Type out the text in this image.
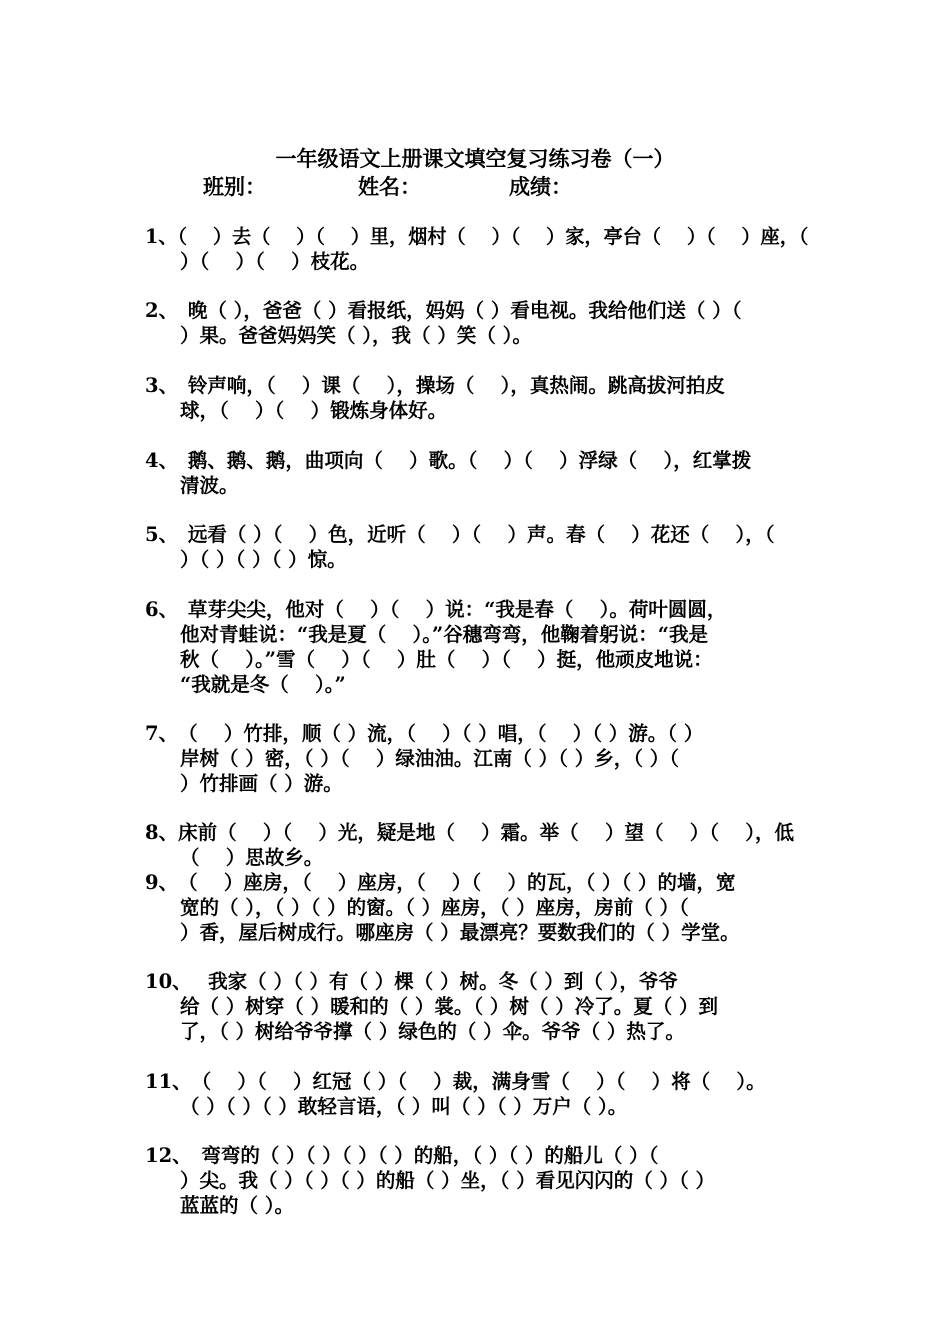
一年级语文上册课文填空复习练习卷（一）
班别：	姓名：	成绩：
1、（　 ）去（　 ）（　 ）里，烟村（　 ）（　 ）家，亭台（　 ）（　 ）座，（
）（　 ）（　 ）枝花。
2、　晚（ ），爸爸（ ）看报纸，妈妈（ ）看电视。我给他们送（ ）（
）果。爸爸妈妈笑（ ），我（ ）笑（ ）。
3、　铃声响，（　 ）课（　 ），操场（　 ），真热闹。跳高拔河拍皮
球，（　 ）（　 ）锻炼身体好。
4、　鹅、鹅、鹅，曲项向（　 ）歌。（　 ）（　 ）浮绿（　 ），红掌拨
清波。
5、　远看（ ）（　 ）色，近听（　 ）（　 ）声。春（　 ）花还（　 ），（
）（ ）（ ）（ ）惊。
6、　草芽尖尖，他对（　 ）（　 ）说：“我是春（　 ）。荷叶圆圆，
他对青蛙说：“我是夏（　 ）。”谷穗弯弯，他鞠着躬说：“我是
秋（　 ）。”雪（　 ）（　 ）肚（　 ）（　 ）挺，他顽皮地说：
“我就是冬（　 ）。”
7、　（　 ）竹排，顺（ ）流，（　 ）（ ）唱，（　 ）（ ）游。（ ）
岸树（ ）密，（ ）（　 ）绿油油。江南（ ）（ ）乡，（ ）（
）竹排画（ ）游。
8、床前（　 ）（　 ）光，疑是地（　 ）霜。举（　 ）望（　 ）（　 ），低
（　 ）思故乡。
9、　（　 ）座房，（　 ）座房，（　 ）（　 ）的瓦，（ ）（ ）的墙，宽
宽的（ ），（ ）（ ）的窗。（ ）座房，（ ）座房，房前（ ）（
）香，屋后树成行。哪座房（ ）最漂亮？要数我们的（ ）学堂。
10、　 我家（ ）（ ）有（ ）棵（ ）树。冬（ ）到（ ），爷爷
给（ ）树穿（ ）暖和的（ ）裳。（ ）树（ ）冷了。夏（ ）到
了，（ ）树给爷爷撑（ ）绿色的（ ）伞。爷爷（ ）热了。
11、　（　 ）（　 ）红冠（ ）（　 ）裁，满身雪（　 ）（　 ）将（　 ）。
（ ）（ ）（ ）敢轻言语，（ ）叫（ ）（ ）万户（ ）。
12、　弯弯的（ ）（ ）（ ）（ ）的船，（ ）（ ）的船儿（ ）（
）尖。我（ ）（ ）（ ）的船（ ）坐，（ ）看见闪闪的（ ）（ ）
蓝蓝的（ ）。
